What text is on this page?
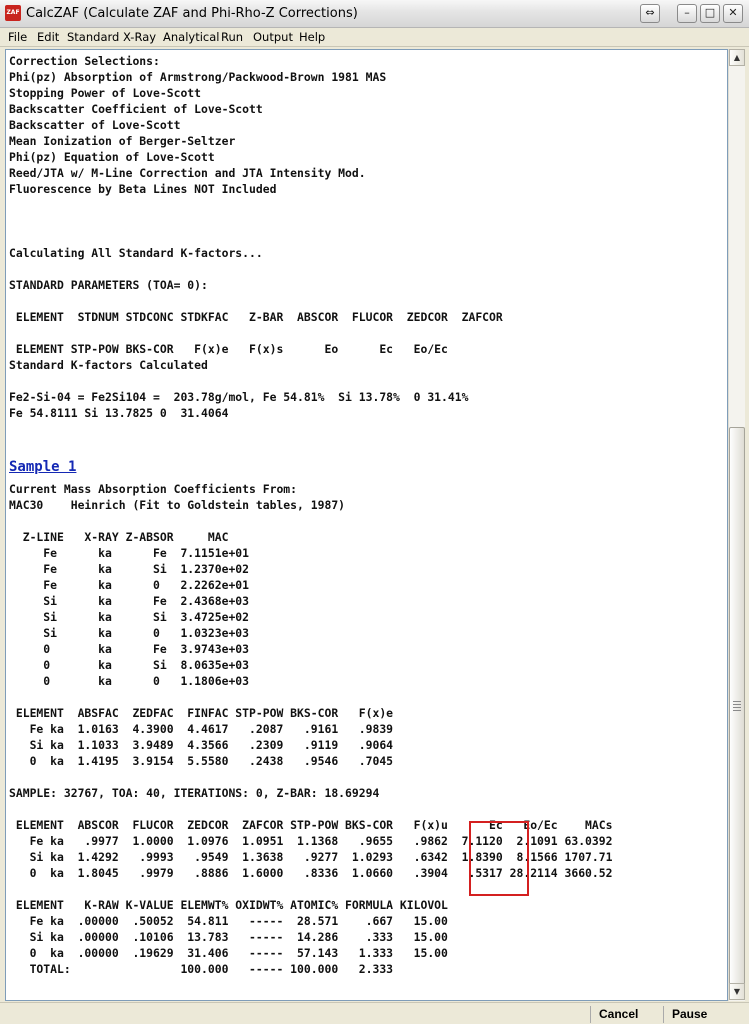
ZAF CalcZAF (Calculate ZAF and Phi-Rho-Z Corrections)	⇔	–	□	✕
File Edit Standard X-Ray Analytical Run Output Help
Correction Selections:
Phi(pz) Absorption of Armstrong/Packwood-Brown 1981 MAS
Stopping Power of Love-Scott
Backscatter Coefficient of Love-Scott
Backscatter of Love-Scott
Mean Ionization of Berger-Seltzer
Phi(pz) Equation of Love-Scott
Reed/JTA w/ M-Line Correction and JTA Intensity Mod.
Fluorescence by Beta Lines NOT Included
Calculating All Standard K-factors...
STANDARD PARAMETERS (TOA= 0):
ELEMENT  STDNUM STDCONC STDKFAC   Z-BAR  ABSCOR  FLUCOR  ZEDCOR  ZAFCOR
ELEMENT STP-POW BKS-COR   F(x)e   F(x)s      Eo      Ec   Eo/Ec
Standard K-factors Calculated
Fe2-Si-04 = Fe2Si104 =  203.78g/mol, Fe 54.81%  Si 13.78%  0 31.41%
Fe 54.8111 Si 13.7825 0  31.4064
Sample 1
Current Mass Absorption Coefficients From:
MAC30    Heinrich (Fit to Goldstein tables, 1987)
Z-LINE   X-RAY Z-ABSOR     MAC
Fe      ka      Fe  7.1151e+01
Fe      ka      Si  1.2370e+02
Fe      ka      0   2.2262e+01
Si      ka      Fe  2.4368e+03
Si      ka      Si  3.4725e+02
Si      ka      0   1.0323e+03
0       ka      Fe  3.9743e+03
0       ka      Si  8.0635e+03
0       ka      0   1.1806e+03
ELEMENT  ABSFAC  ZEDFAC  FINFAC STP-POW BKS-COR   F(x)e
Fe ka  1.0163  4.3900  4.4617   .2087   .9161   .9839
Si ka  1.1033  3.9489  4.3566   .2309   .9119   .9064
0  ka  1.4195  3.9154  5.5580   .2438   .9546   .7045
SAMPLE: 32767, TOA: 40, ITERATIONS: 0, Z-BAR: 18.69294
ELEMENT  ABSCOR  FLUCOR  ZEDCOR  ZAFCOR STP-POW BKS-COR   F(x)u      Ec   Eo/Ec    MACs
Fe ka   .9977  1.0000  1.0976  1.0951  1.1368   .9655   .9862  7.1120  2.1091 63.0392
Si ka  1.4292   .9993   .9549  1.3638   .9277  1.0293   .6342  1.8390  8.1566 1707.71
0  ka  1.8045   .9979   .8886  1.6000   .8336  1.0660   .3904   .5317 28.2114 3660.52
ELEMENT   K-RAW K-VALUE ELEMWT% OXIDWT% ATOMIC% FORMULA KILOVOL
Fe ka  .00000  .50052  54.811   -----  28.571    .667   15.00
Si ka  .00000  .10106  13.783   -----  14.286    .333   15.00
0  ka  .00000  .19629  31.406   -----  57.143   1.333   15.00
TOTAL:                100.000   ----- 100.000   2.333
▲
▼
Cancel	Pause
